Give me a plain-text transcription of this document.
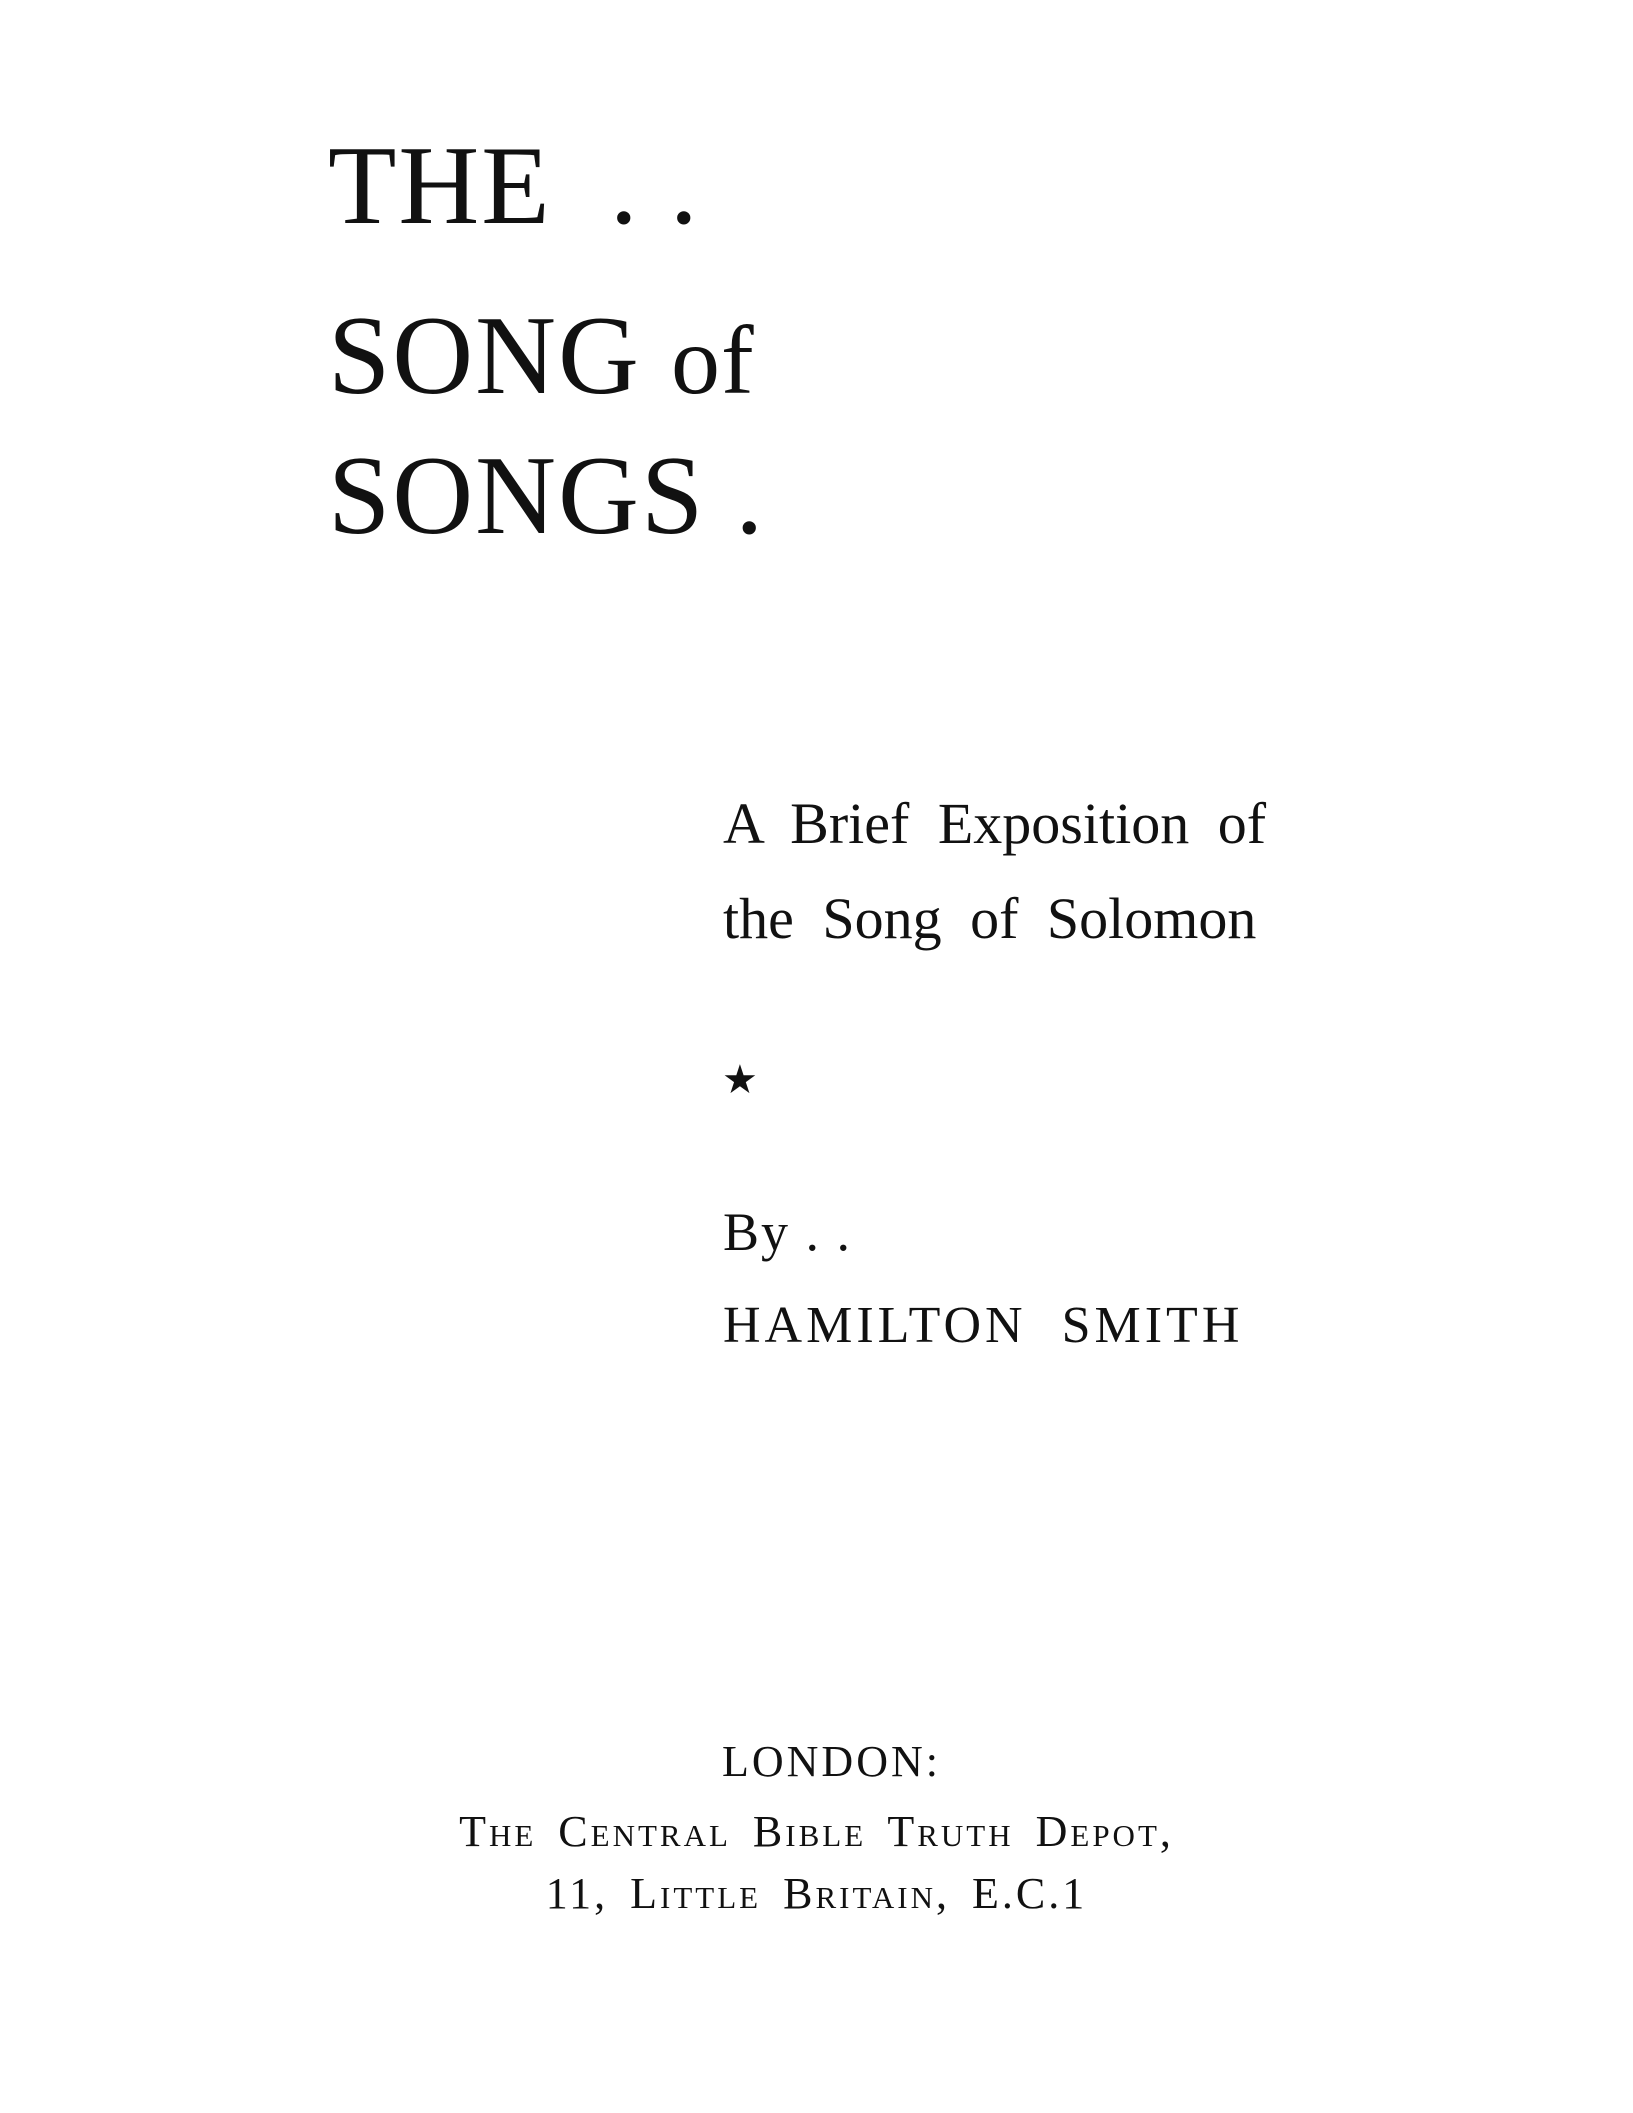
THE . .
SONG of
SONGS .
A Brief Exposition of
the Song of Solomon
★
By . .
HAMILTON SMITH
LONDON:
The Central Bible Truth Depot,
11, Little Britain, E.C.1
